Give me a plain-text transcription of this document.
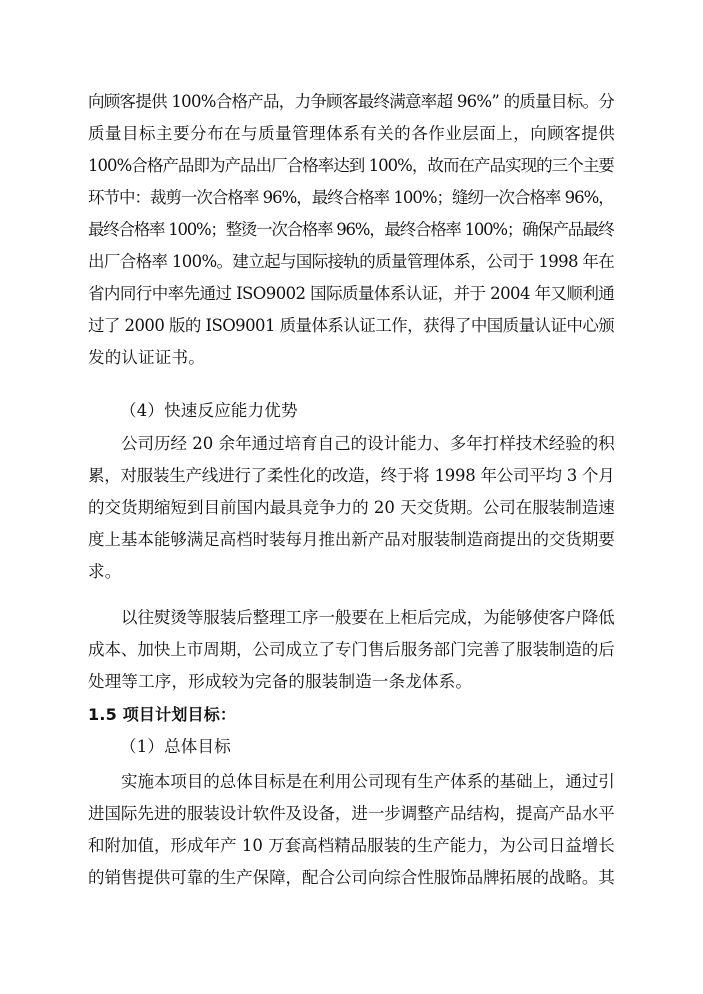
向顾客提供 100%合格产品，力争顾客最终满意率超 96%” 的质量目标。分
质量目标主要分布在与质量管理体系有关的各作业层面上，向顾客提供
100%合格产品即为产品出厂合格率达到 100%，故而在产品实现的三个主要
环节中：裁剪一次合格率 96%，最终合格率 100%；缝纫一次合格率 96%，
最终合格率 100%；整烫一次合格率 96%，最终合格率 100%；确保产品最终
出厂合格率 100%。建立起与国际接轨的质量管理体系，公司于 1998 年在
省内同行中率先通过 ISO9002 国际质量体系认证，并于 2004 年又顺利通
过了 2000 版的 ISO9001 质量体系认证工作，获得了中国质量认证中心颁
发的认证证书。
（4）快速反应能力优势
公司历经 20 余年通过培育自己的设计能力、多年打样技术经验的积
累，对服装生产线进行了柔性化的改造，终于将 1998 年公司平均 3 个月
的交货期缩短到目前国内最具竞争力的 20 天交货期。公司在服装制造速
度上基本能够满足高档时装每月推出新产品对服装制造商提出的交货期要
求。
以往熨烫等服装后整理工序一般要在上柜后完成，为能够使客户降低
成本、加快上市周期，公司成立了专门售后服务部门完善了服装制造的后
处理等工序，形成较为完备的服装制造一条龙体系。
1.5 项目计划目标：
（1）总体目标
实施本项目的总体目标是在利用公司现有生产体系的基础上，通过引
进国际先进的服装设计软件及设备，进一步调整产品结构，提高产品水平
和附加值，形成年产 10 万套高档精品服装的生产能力，为公司日益增长
的销售提供可靠的生产保障，配合公司向综合性服饰品牌拓展的战略。其
